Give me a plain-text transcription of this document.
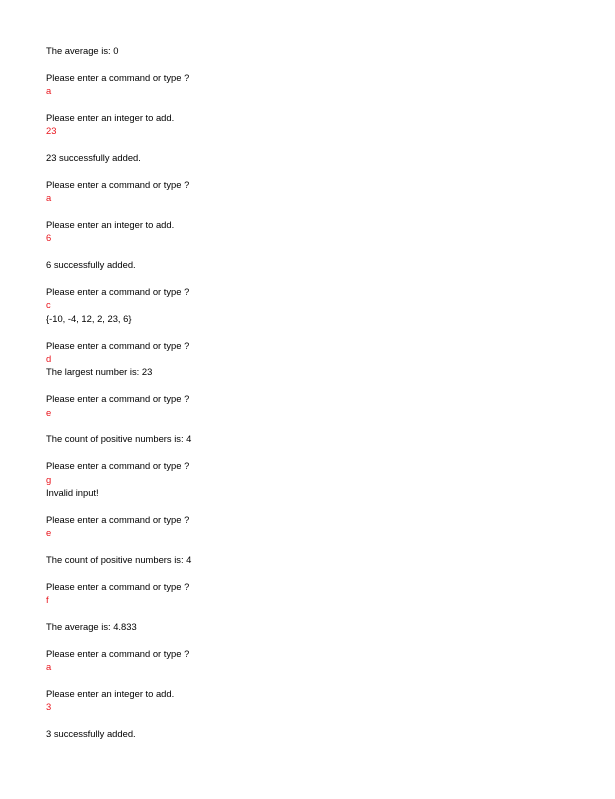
The average is: 0
Please enter a command or type ?
a
Please enter an integer to add.
23
23 successfully added.
Please enter a command or type ?
a
Please enter an integer to add.
6
6 successfully added.
Please enter a command or type ?
c
{-10, -4, 12, 2, 23, 6}
Please enter a command or type ?
d
The largest number is: 23
Please enter a command or type ?
e
The count of positive numbers is: 4
Please enter a command or type ?
g
Invalid input!
Please enter a command or type ?
e
The count of positive numbers is: 4
Please enter a command or type ?
f
The average is: 4.833
Please enter a command or type ?
a
Please enter an integer to add.
3
3 successfully added.
